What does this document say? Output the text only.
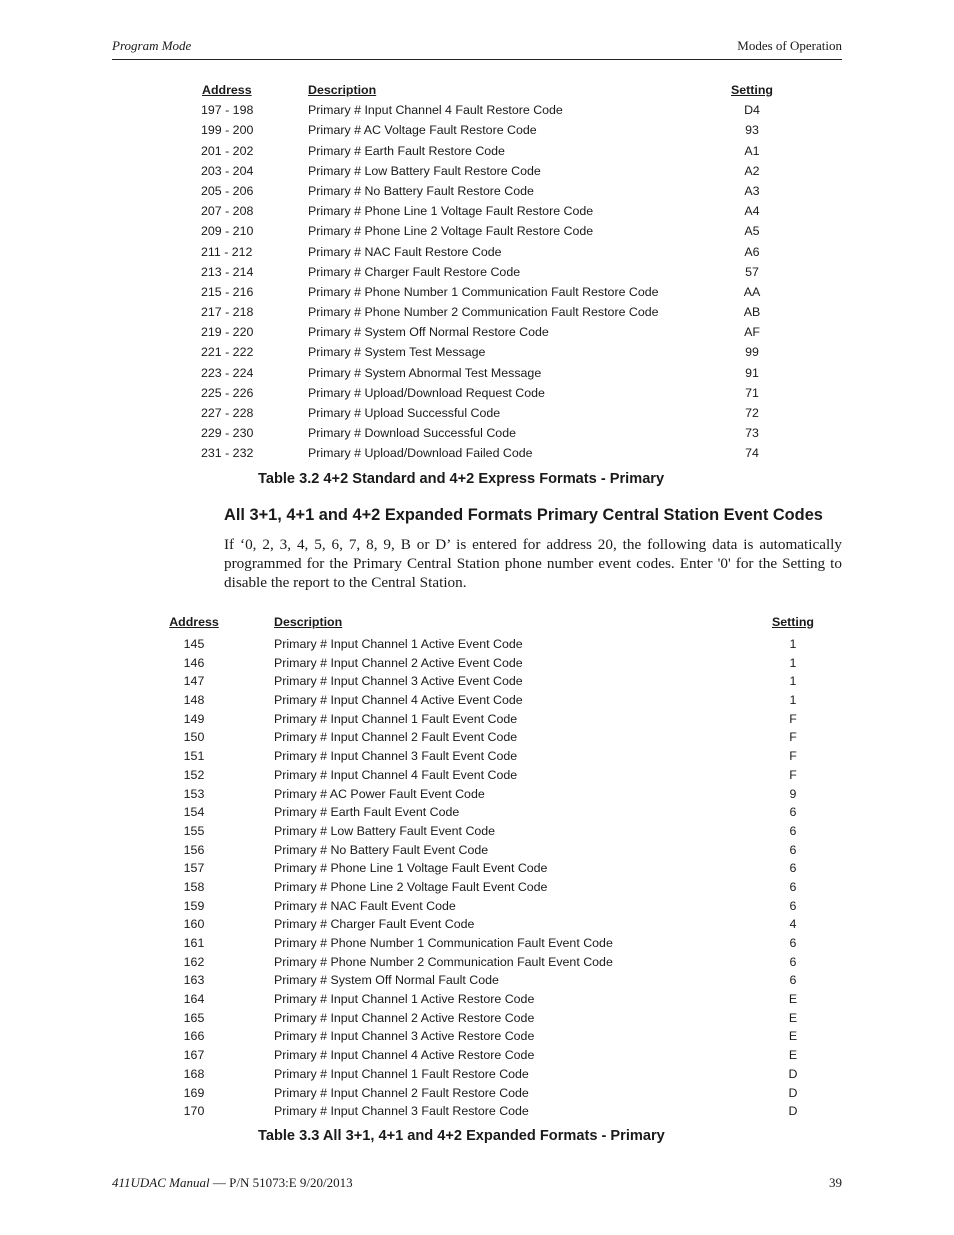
Program Mode	Modes of Operation
Address	Description	Setting
197 - 198	Primary # Input Channel 4 Fault Restore Code	D4
199 - 200	Primary # AC Voltage Fault Restore Code	93
201 - 202	Primary # Earth Fault Restore Code	A1
203 - 204	Primary # Low Battery Fault Restore Code	A2
205 - 206	Primary # No Battery Fault Restore Code	A3
207 - 208	Primary # Phone Line 1 Voltage Fault Restore Code	A4
209 - 210	Primary # Phone Line 2 Voltage Fault Restore Code	A5
211 - 212	Primary # NAC Fault Restore Code	A6
213 - 214	Primary # Charger Fault Restore Code	57
215 - 216	Primary # Phone Number 1 Communication Fault Restore Code	AA
217 - 218	Primary # Phone Number 2 Communication Fault Restore Code	AB
219 - 220	Primary # System Off Normal Restore Code	AF
221 - 222	Primary # System Test Message	99
223 - 224	Primary # System Abnormal Test Message	91
225 - 226	Primary # Upload/Download Request Code	71
227 - 228	Primary # Upload Successful Code	72
229 - 230	Primary # Download Successful Code	73
231 - 232	Primary # Upload/Download Failed Code	74
Table 3.2 4+2 Standard and 4+2 Express Formats - Primary
All 3+1, 4+1 and 4+2 Expanded Formats Primary Central Station Event Codes
If ‘0, 2, 3, 4, 5, 6, 7, 8, 9, B or D’ is entered for address 20, the following data is automatically programmed for the Primary Central Station phone number event codes. Enter '0' for the Setting to disable the report to the Central Station.
Address	Description	Setting
145	Primary # Input Channel 1 Active Event Code	1
146	Primary # Input Channel 2 Active Event Code	1
147	Primary # Input Channel 3 Active Event Code	1
148	Primary # Input Channel 4 Active Event Code	1
149	Primary # Input Channel 1 Fault Event Code	F
150	Primary # Input Channel 2 Fault Event Code	F
151	Primary # Input Channel 3 Fault Event Code	F
152	Primary # Input Channel 4 Fault Event Code	F
153	Primary # AC Power Fault Event Code	9
154	Primary # Earth Fault Event Code	6
155	Primary # Low Battery Fault Event Code	6
156	Primary # No Battery Fault Event Code	6
157	Primary # Phone Line 1 Voltage Fault Event Code	6
158	Primary # Phone Line 2 Voltage Fault Event Code	6
159	Primary # NAC Fault Event Code	6
160	Primary # Charger Fault Event Code	4
161	Primary # Phone Number 1 Communication Fault Event Code	6
162	Primary # Phone Number 2 Communication Fault Event Code	6
163	Primary # System Off Normal Fault Code	6
164	Primary # Input Channel 1 Active Restore Code	E
165	Primary # Input Channel 2 Active Restore Code	E
166	Primary # Input Channel 3 Active Restore Code	E
167	Primary # Input Channel 4 Active Restore Code	E
168	Primary # Input Channel 1 Fault Restore Code	D
169	Primary # Input Channel 2 Fault Restore Code	D
170	Primary # Input Channel 3 Fault Restore Code	D
Table 3.3 All 3+1, 4+1 and 4+2 Expanded Formats - Primary
411UDAC Manual — P/N 51073:E 9/20/2013	39
